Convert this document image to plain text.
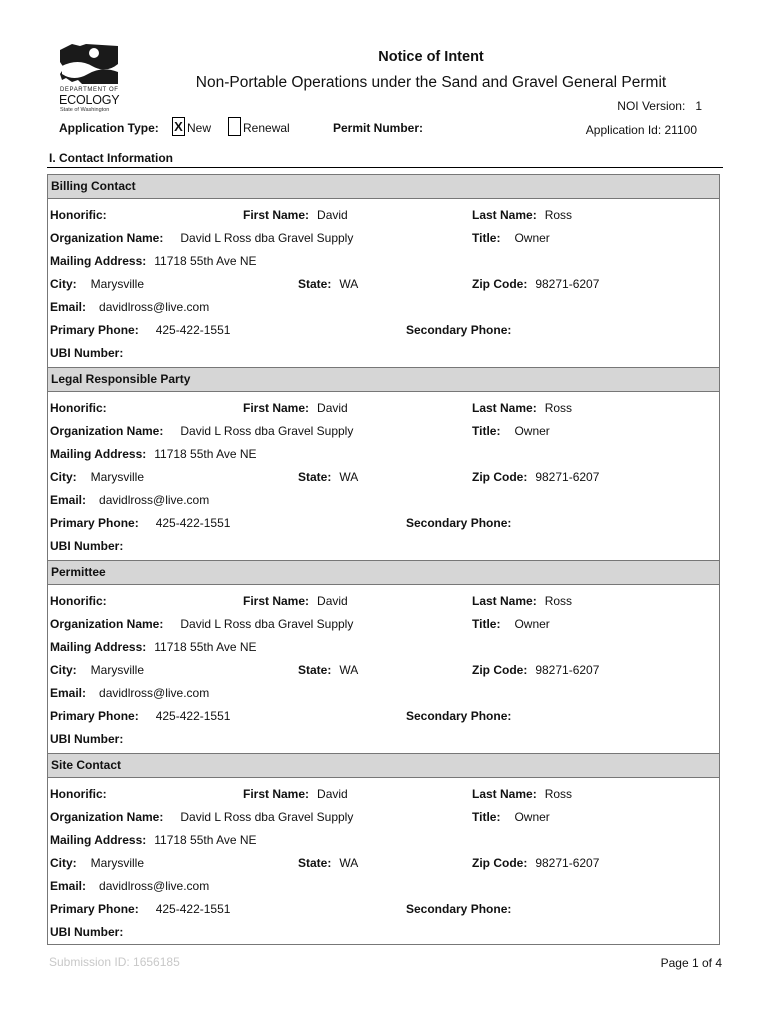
DEPARTMENT OF
ECOLOGY
State of Washington
Notice of Intent
Non-Portable Operations under the Sand and Gravel General Permit
NOI Version: 1
Application Id: 21100
Application Type: X New	Renewal	Permit Number:
I. Contact Information
Billing Contact
Honorific:	First Name: David	Last Name: Ross
Organization Name: David L Ross dba Gravel Supply	Title: Owner
Mailing Address: 11718 55th Ave NE
City: Marysville	State: WA	Zip Code: 98271-6207
Email: davidlross@live.com
Primary Phone: 425-422-1551	Secondary Phone:
UBI Number:
Legal Responsible Party
Honorific:	First Name: David	Last Name: Ross
Organization Name: David L Ross dba Gravel Supply	Title: Owner
Mailing Address: 11718 55th Ave NE
City: Marysville	State: WA	Zip Code: 98271-6207
Email: davidlross@live.com
Primary Phone: 425-422-1551	Secondary Phone:
UBI Number:
Permittee
Honorific:	First Name: David	Last Name: Ross
Organization Name: David L Ross dba Gravel Supply	Title: Owner
Mailing Address: 11718 55th Ave NE
City: Marysville	State: WA	Zip Code: 98271-6207
Email: davidlross@live.com
Primary Phone: 425-422-1551	Secondary Phone:
UBI Number:
Site Contact
Honorific:	First Name: David	Last Name: Ross
Organization Name: David L Ross dba Gravel Supply	Title: Owner
Mailing Address: 11718 55th Ave NE
City: Marysville	State: WA	Zip Code: 98271-6207
Email: davidlross@live.com
Primary Phone: 425-422-1551	Secondary Phone:
UBI Number:
Submission ID: 1656185	Page 1 of 4
